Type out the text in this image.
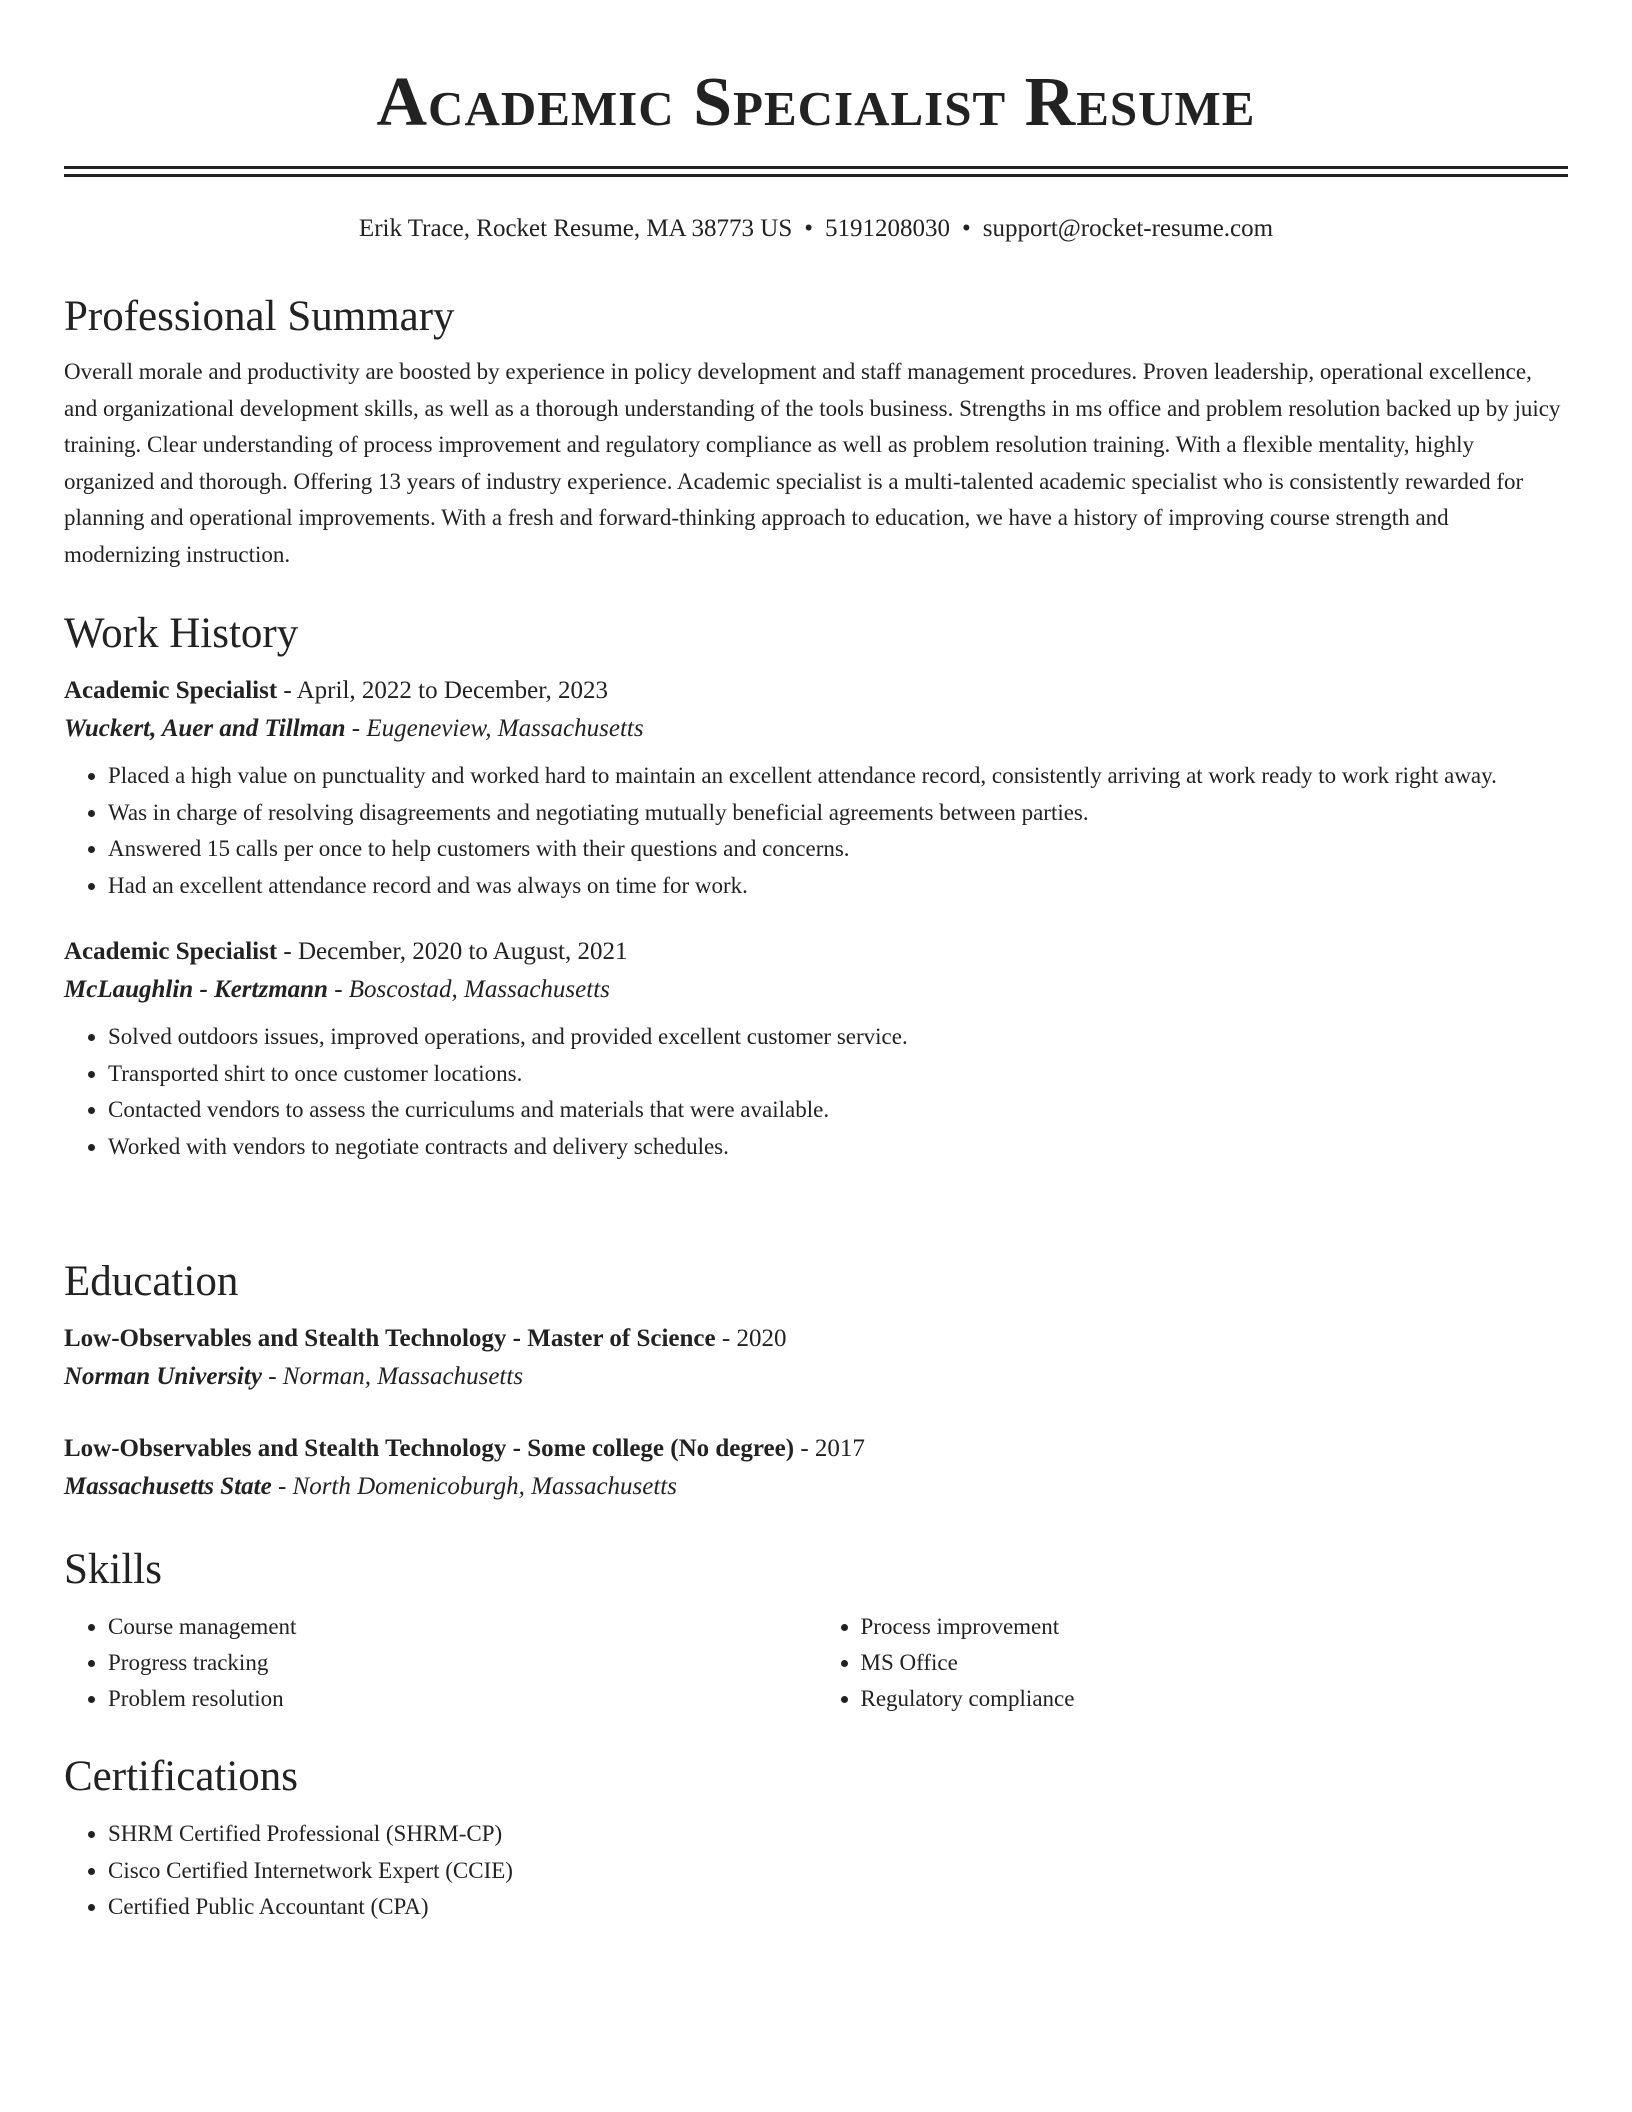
Academic Specialist Resume
Erik Trace, Rocket Resume, MA 38773 US • 5191208030 • support@rocket-resume.com
Professional Summary

Overall morale and productivity are boosted by experience in policy development and staff management procedures. Proven leadership, operational excellence, and organizational development skills, as well as a thorough understanding of the tools business. Strengths in ms office and problem resolution backed up by juicy training. Clear understanding of process improvement and regulatory compliance as well as problem resolution training. With a flexible mentality, highly organized and thorough. Offering 13 years of industry experience. Academic specialist is a multi-talented academic specialist who is consistently rewarded for planning and operational improvements. With a fresh and forward-thinking approach to education, we have a history of improving course strength and modernizing instruction.

Work History
Academic Specialist - April, 2022 to December, 2023
Wuckert, Auer and Tillman - Eugeneview, Massachusetts
• Placed a high value on punctuality and worked hard to maintain an excellent attendance record, consistently arriving at work ready to work right away.
• Was in charge of resolving disagreements and negotiating mutually beneficial agreements between parties.
• Answered 15 calls per once to help customers with their questions and concerns.
• Had an excellent attendance record and was always on time for work.
Academic Specialist - December, 2020 to August, 2021
McLaughlin - Kertzmann - Boscostad, Massachusetts
• Solved outdoors issues, improved operations, and provided excellent customer service.
• Transported shirt to once customer locations.
• Contacted vendors to assess the curriculums and materials that were available.
• Worked with vendors to negotiate contracts and delivery schedules.
Education
Low-Observables and Stealth Technology - Master of Science - 2020
Norman University - Norman, Massachusetts
Low-Observables and Stealth Technology - Some college (No degree) - 2017
Massachusetts State - North Domenicoburgh, Massachusetts
Skills
• Course management
• Progress tracking
• Problem resolution
• Process improvement
• MS Office
• Regulatory compliance
Certifications
• SHRM Certified Professional (SHRM-CP)
• Cisco Certified Internetwork Expert (CCIE)
• Certified Public Accountant (CPA)
